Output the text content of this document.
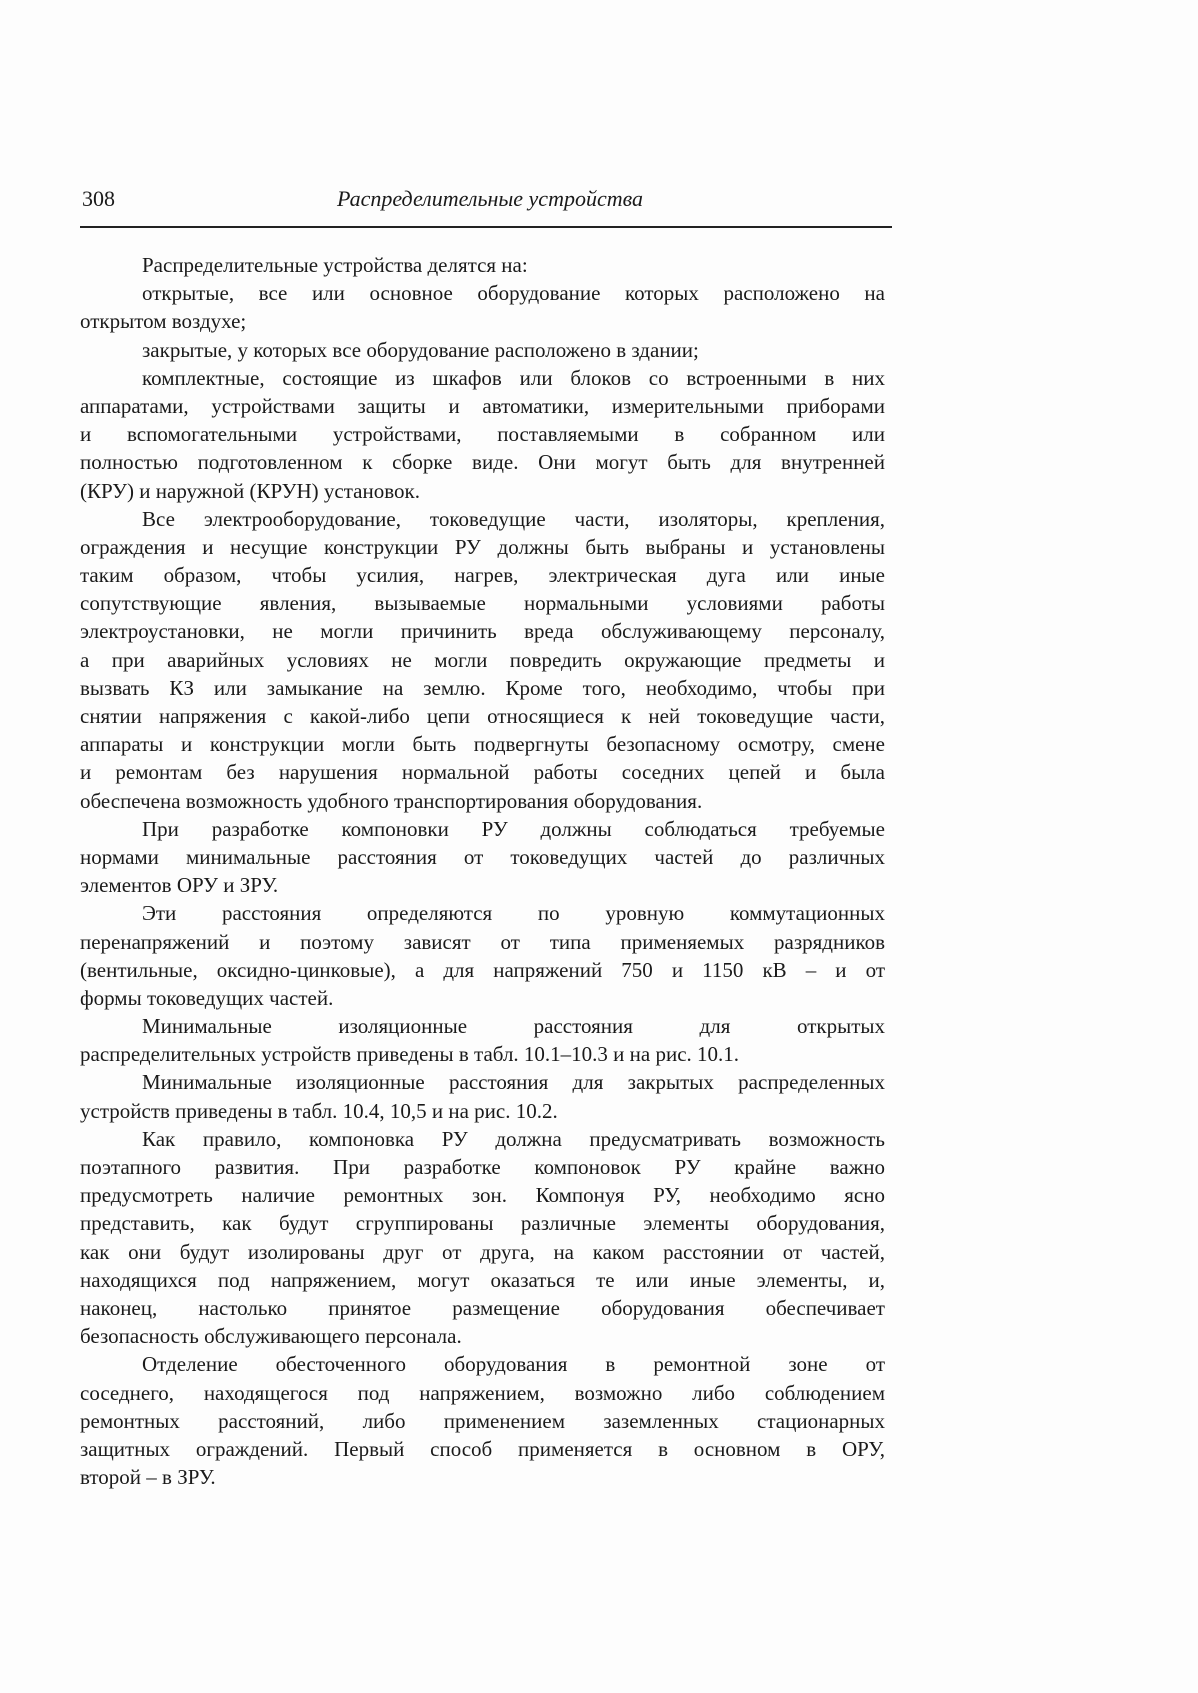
308	Распределительные устройства
Распределительные устройства делятся на:
открытые, все или основное оборудование которых расположено на
открытом воздухе;
закрытые, у которых все оборудование расположено в здании;
комплектные, состоящие из шкафов или блоков со встроенными в них
аппаратами, устройствами защиты и автоматики, измерительными приборами
и вспомогательными устройствами, поставляемыми в собранном или
полностью подготовленном к сборке виде. Они могут быть для внутренней
(КРУ) и наружной (КРУН) установок.
Все электрооборудование, токоведущие части, изоляторы, крепления,
ограждения и несущие конструкции РУ должны быть выбраны и установлены
таким образом, чтобы усилия, нагрев, электрическая дуга или иные
сопутствующие явления, вызываемые нормальными условиями работы
электроустановки, не могли причинить вреда обслуживающему персоналу,
а при аварийных условиях не могли повредить окружающие предметы и
вызвать КЗ или замыкание на землю. Кроме того, необходимо, чтобы при
снятии напряжения с какой-либо цепи относящиеся к ней токоведущие части,
аппараты и конструкции могли быть подвергнуты безопасному осмотру, смене
и ремонтам без нарушения нормальной работы соседних цепей и была
обеспечена возможность удобного транспортирования оборудования.
При разработке компоновки РУ должны соблюдаться требуемые
нормами минимальные расстояния от токоведущих частей до различных
элементов ОРУ и ЗРУ.
Эти расстояния определяются по уровную коммутационных
перенапряжений и поэтому зависят от типа применяемых разрядников
(вентильные, оксидно-цинковые), а для напряжений 750 и 1150 кВ – и от
формы токоведущих частей.
Минимальные изоляционные расстояния для открытых
распределительных устройств приведены в табл. 10.1–10.3 и на рис. 10.1.
Минимальные изоляционные расстояния для закрытых распределенных
устройств приведены в табл. 10.4, 10,5 и на рис. 10.2.
Как правило, компоновка РУ должна предусматривать возможность
поэтапного развития. При разработке компоновок РУ крайне важно
предусмотреть наличие ремонтных зон. Компонуя РУ, необходимо ясно
представить, как будут сгруппированы различные элементы оборудования,
как они будут изолированы друг от друга, на каком расстоянии от частей,
находящихся под напряжением, могут оказаться те или иные элементы, и,
наконец, настолько принятое размещение оборудования обеспечивает
безопасность обслуживающего персонала.
Отделение обесточенного оборудования в ремонтной зоне от
соседнего, находящегося под напряжением, возможно либо соблюдением
ремонтных расстояний, либо применением заземленных стационарных
защитных ограждений. Первый способ применяется в основном в ОРУ,
второй – в ЗРУ.
